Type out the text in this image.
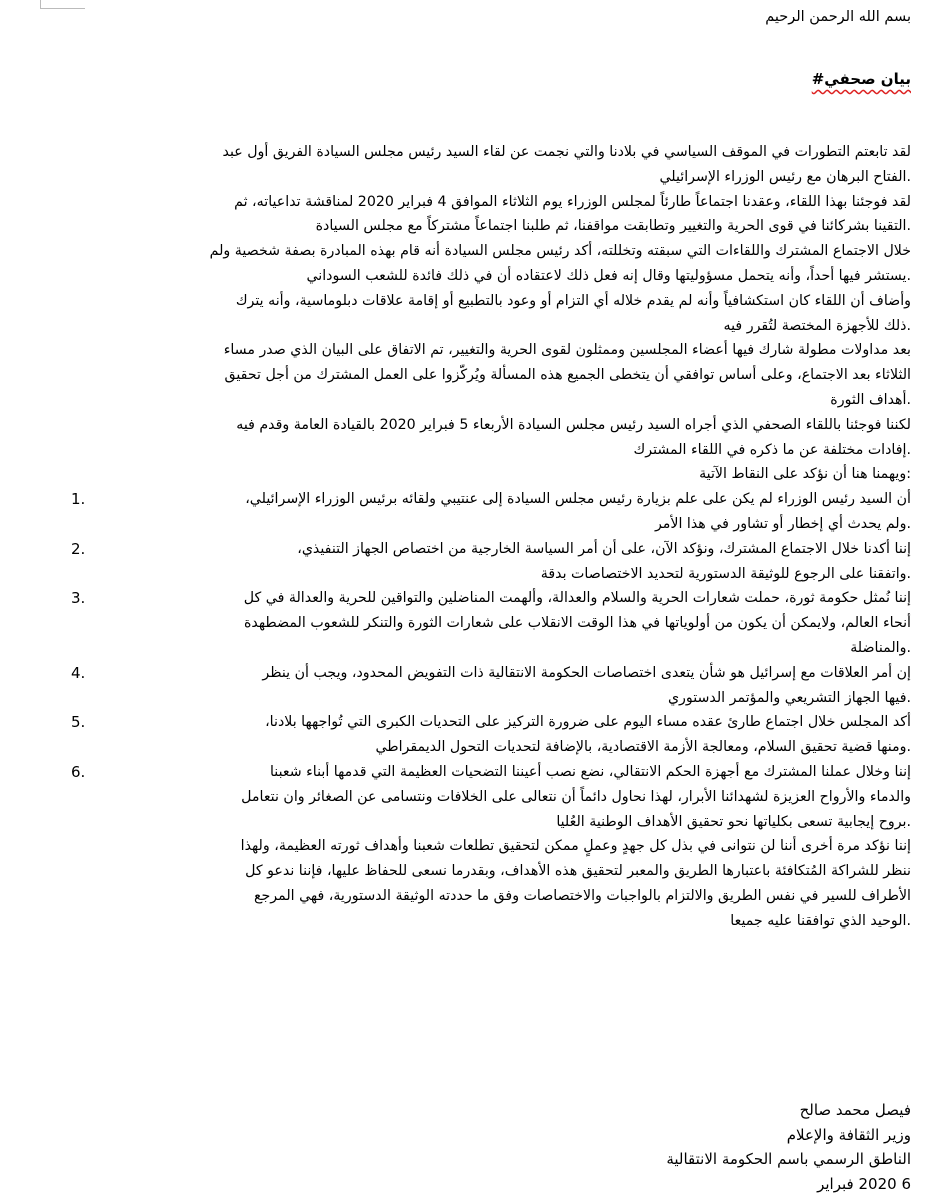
بسم الله الرحمن الرحيم

بيان صحفي#

لقد تابعتم التطورات في الموقف السياسي في بلادنا والتي نجمت عن لقاء السيد رئيس مجلس السيادة الفريق أول عبد

.الفتاح البرهان مع رئيس الوزراء الإسرائيلي

لقد فوجئنا بهذا اللقاء، وعقدنا اجتماعاً طارئاً لمجلس الوزراء يوم الثلاثاء الموافق 4 فبراير 2020 لمناقشة تداعياته، ثم

.التقينا بشركائنا في قوى الحرية والتغيير وتطابقت مواقفنا، ثم طلبنا اجتماعاً مشتركاً مع مجلس السيادة

خلال الاجتماع المشترك واللقاءات التي سبقته وتخللته، أكد رئيس مجلس السيادة أنه قام بهذه المبادرة بصفة شخصية ولم

.يستشر فيها أحداً، وأنه يتحمل مسؤوليتها وقال إنه فعل ذلك لاعتقاده أن في ذلك فائدة للشعب السوداني

وأضاف أن اللقاء كان استكشافياً وأنه لم يقدم خلاله أي التزام أو وعود بالتطبيع أو إقامة علاقات دبلوماسية، وأنه يترك

.ذلك للأجهزة المختصة لتُقرر فيه

بعد مداولات مطولة شارك فيها أعضاء المجلسين وممثلون لقوى الحرية والتغيير، تم الاتفاق على البيان الذي صدر مساء

الثلاثاء بعد الاجتماع، وعلى أساس توافقي أن يتخطى الجميع هذه المسألة ويُركّزوا على العمل المشترك من أجل تحقيق

.أهداف الثورة

لكننا فوجئنا باللقاء الصحفي الذي أجراه السيد رئيس مجلس السيادة الأربعاء 5 فبراير 2020 بالقيادة العامة وقدم فيه

.إفادات مختلفة عن ما ذكره في اللقاء المشترك

:ويهمنا هنا أن نؤكد على النقاط الآتية

1.	أن السيد رئيس الوزراء لم يكن على علم بزيارة رئيس مجلس السيادة إلى عنتيبي ولقائه برئيس الوزراء الإسرائيلي،

.ولم يحدث أي إخطار أو تشاور في هذا الأمر

2.	إننا أكدنا خلال الاجتماع المشترك، ونؤكد الآن، على أن أمر السياسة الخارجية من اختصاص الجهاز التنفيذي،

.واتفقنا على الرجوع للوثيقة الدستورية لتحديد الاختصاصات بدقة

3.	إننا نُمثل حكومة ثورة، حملت شعارات الحرية والسلام والعدالة، وألهمت المناضلين والتواقين للحرية والعدالة في كل

أنحاء العالم، ولايمكن أن يكون من أولوياتها في هذا الوقت الانقلاب على شعارات الثورة والتنكر للشعوب المضطهدة

.والمناضلة

4.	إن أمر العلاقات مع إسرائيل هو شأن يتعدى اختصاصات الحكومة الانتقالية ذات التفويض المحدود، ويجب أن ينظر

.فيها الجهاز التشريعي والمؤتمر الدستوري

5.	أكد المجلس خلال اجتماع طارئ عقده مساء اليوم على ضرورة التركيز على التحديات الكبرى التي تُواجهها بلادنا،

.ومنها قضية تحقيق السلام، ومعالجة الأزمة الاقتصادية، بالإضافة لتحديات التحول الديمقراطي

6.	إننا وخلال عملنا المشترك مع أجهزة الحكم الانتقالي، نضع نصب أعيننا التضحيات العظيمة التي قدمها أبناء شعبنا

والدماء والأرواح العزيزة لشهدائنا الأبرار، لهذا نحاول دائماً أن نتعالى على الخلافات ونتسامى عن الصغائر وان نتعامل

.بروح إيجابية تسعى بكلياتها نحو تحقيق الأهداف الوطنية العُليا

إننا نؤكد مرة أخرى أننا لن نتوانى في بذل كل جهدٍ وعملٍ ممكن لتحقيق تطلعات شعبنا وأهداف ثورته العظيمة، ولهذا

ننظر للشراكة المُتكافئة باعتبارها الطريق والمعبر لتحقيق هذه الأهداف، وبقدرما نسعى للحفاظ عليها، فإننا ندعو كل

الأطراف للسير في نفس الطريق والالتزام بالواجبات والاختصاصات وفق ما حددته الوثيقة الدستورية، فهي المرجع

.الوحيد الذي توافقنا عليه جميعا

فيصل محمد صالح

وزير الثقافة والإعلام

الناطق الرسمي باسم الحكومة الانتقالية

6 2020 فبراير
